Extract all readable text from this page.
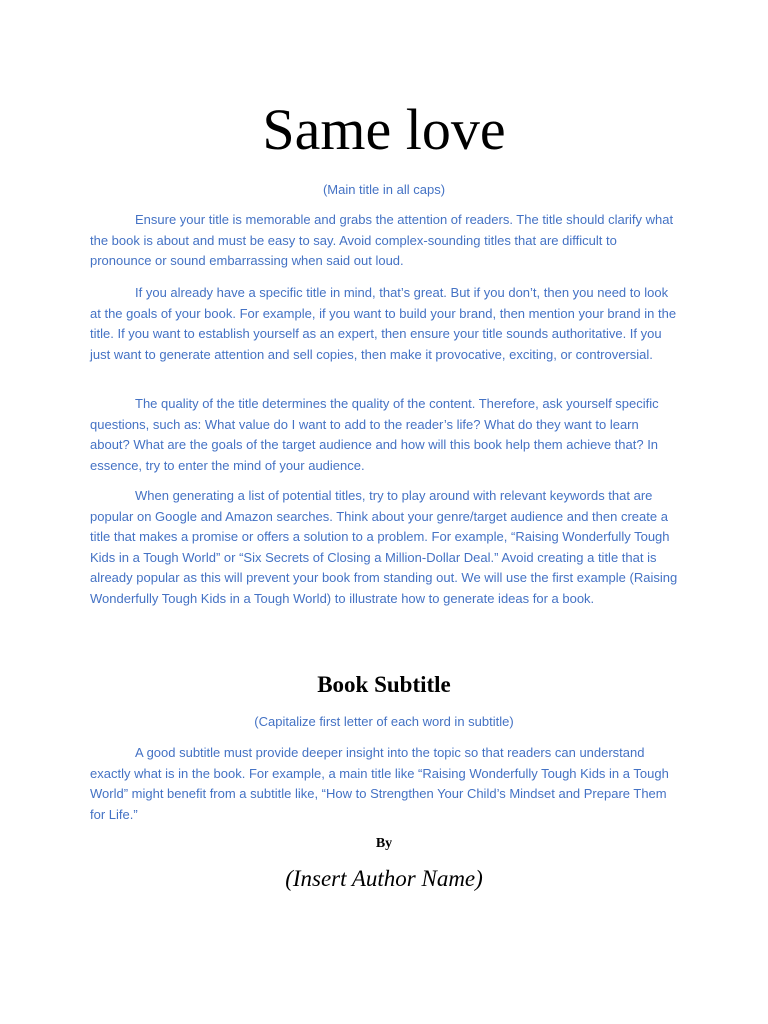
Same love

(Main title in all caps)

Ensure your title is memorable and grabs the attention of readers. The title should clarify what the book is about and must be easy to say. Avoid complex-sounding titles that are difficult to pronounce or sound embarrassing when said out loud.

If you already have a specific title in mind, that’s great. But if you don’t, then you need to look at the goals of your book. For example, if you want to build your brand, then mention your brand in the title. If you want to establish yourself as an expert, then ensure your title sounds authoritative. If you just want to generate attention and sell copies, then make it provocative, exciting, or controversial.

The quality of the title determines the quality of the content. Therefore, ask yourself specific questions, such as: What value do I want to add to the reader’s life? What do they want to learn about? What are the goals of the target audience and how will this book help them achieve that? In essence, try to enter the mind of your audience.

When generating a list of potential titles, try to play around with relevant keywords that are popular on Google and Amazon searches. Think about your genre/target audience and then create a title that makes a promise or offers a solution to a problem. For example, “Raising Wonderfully Tough Kids in a Tough World” or “Six Secrets of Closing a Million-Dollar Deal.” Avoid creating a title that is already popular as this will prevent your book from standing out. We will use the first example (Raising Wonderfully Tough Kids in a Tough World) to illustrate how to generate ideas for a book.

Book Subtitle

(Capitalize first letter of each word in subtitle)

A good subtitle must provide deeper insight into the topic so that readers can understand exactly what is in the book. For example, a main title like “Raising Wonderfully Tough Kids in a Tough World” might benefit from a subtitle like, “How to Strengthen Your Child’s Mindset and Prepare Them for Life.”

By

(Insert Author Name)
